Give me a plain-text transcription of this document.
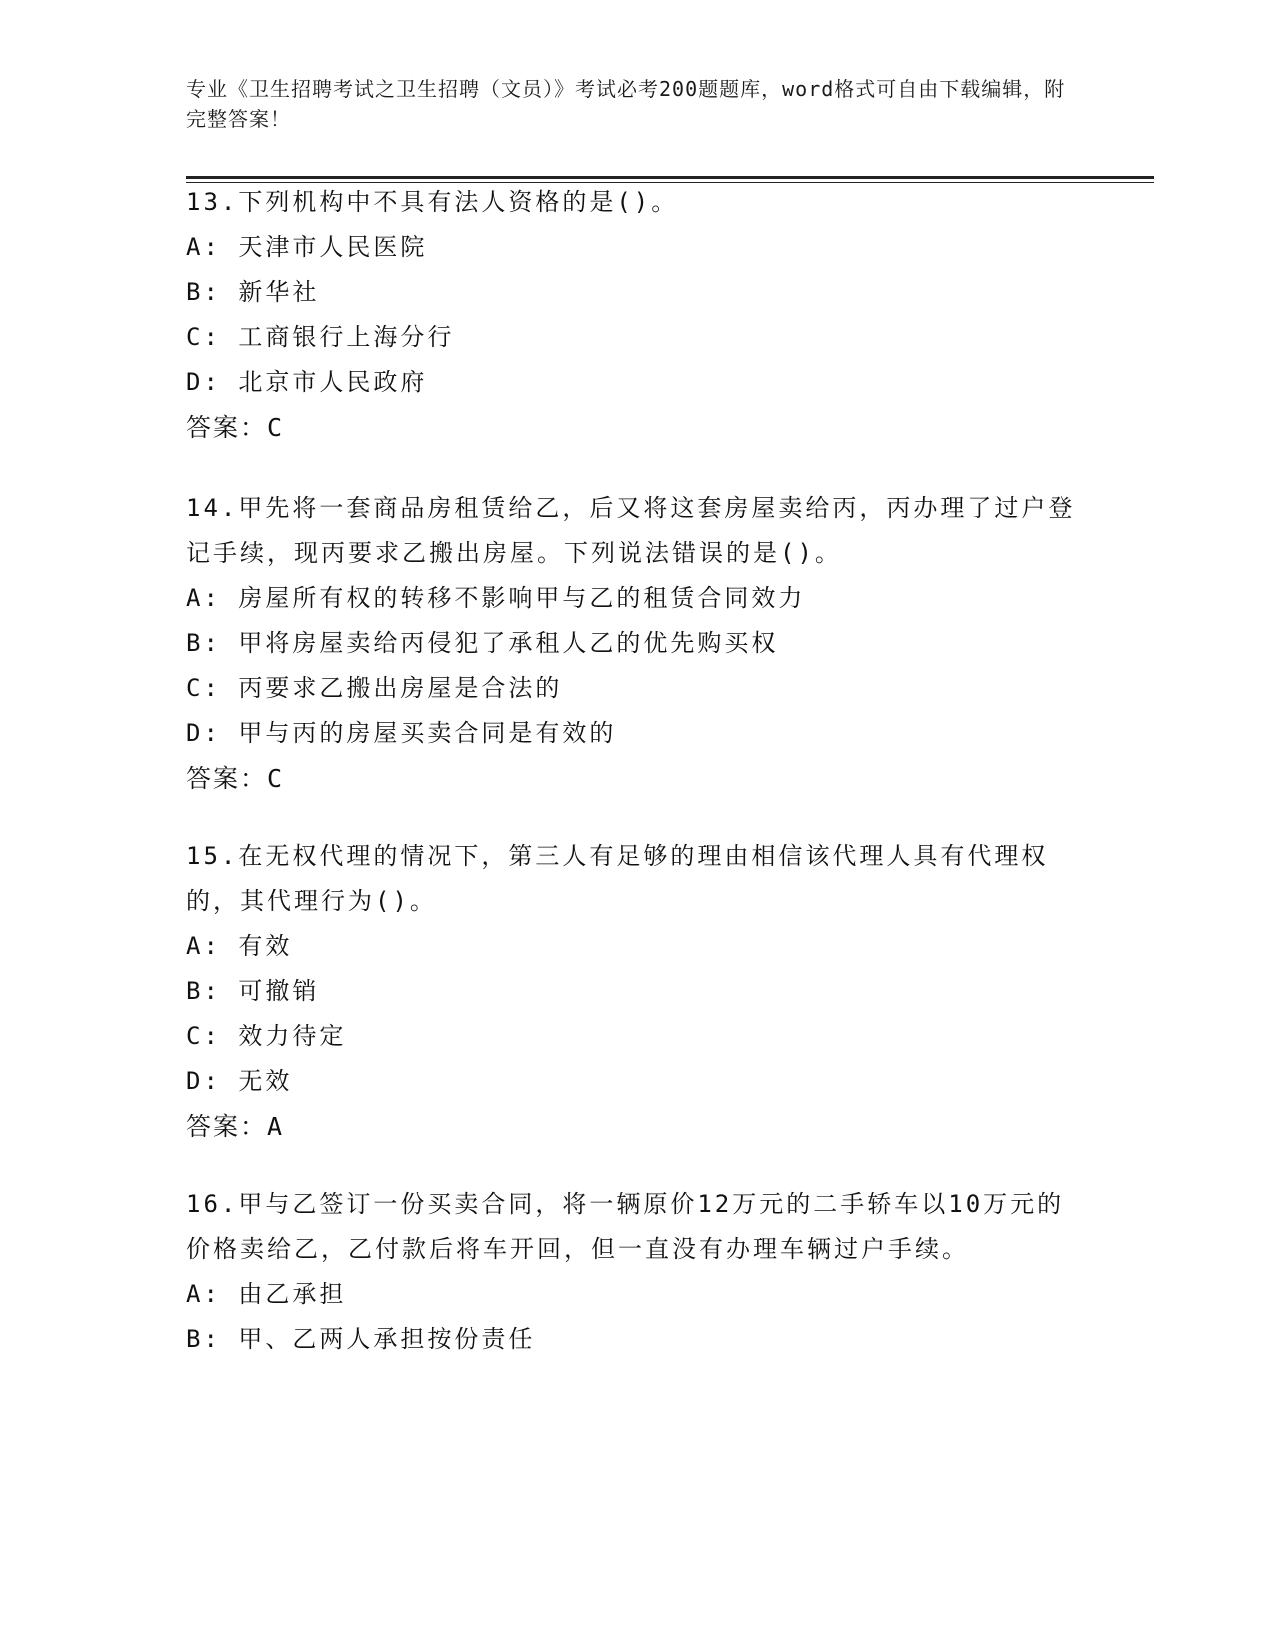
专业《卫生招聘考试之卫生招聘（文员）》考试必考200题题库，word格式可自由下载编辑，附完整答案！

13.下列机构中不具有法人资格的是()。

A: 天津市人民医院

B: 新华社

C: 工商银行上海分行

D: 北京市人民政府

答案：C

14.甲先将一套商品房租赁给乙，后又将这套房屋卖给丙，丙办理了过户登记手续，现丙要求乙搬出房屋。下列说法错误的是()。

A: 房屋所有权的转移不影响甲与乙的租赁合同效力

B: 甲将房屋卖给丙侵犯了承租人乙的优先购买权

C: 丙要求乙搬出房屋是合法的

D: 甲与丙的房屋买卖合同是有效的

答案：C

15.在无权代理的情况下，第三人有足够的理由相信该代理人具有代理权的，其代理行为()。

A: 有效

B: 可撤销

C: 效力待定

D: 无效

答案：A

16.甲与乙签订一份买卖合同，将一辆原价12万元的二手轿车以10万元的价格卖给乙，乙付款后将车开回，但一直没有办理车辆过户手续。

A: 由乙承担

B: 甲、乙两人承担按份责任
